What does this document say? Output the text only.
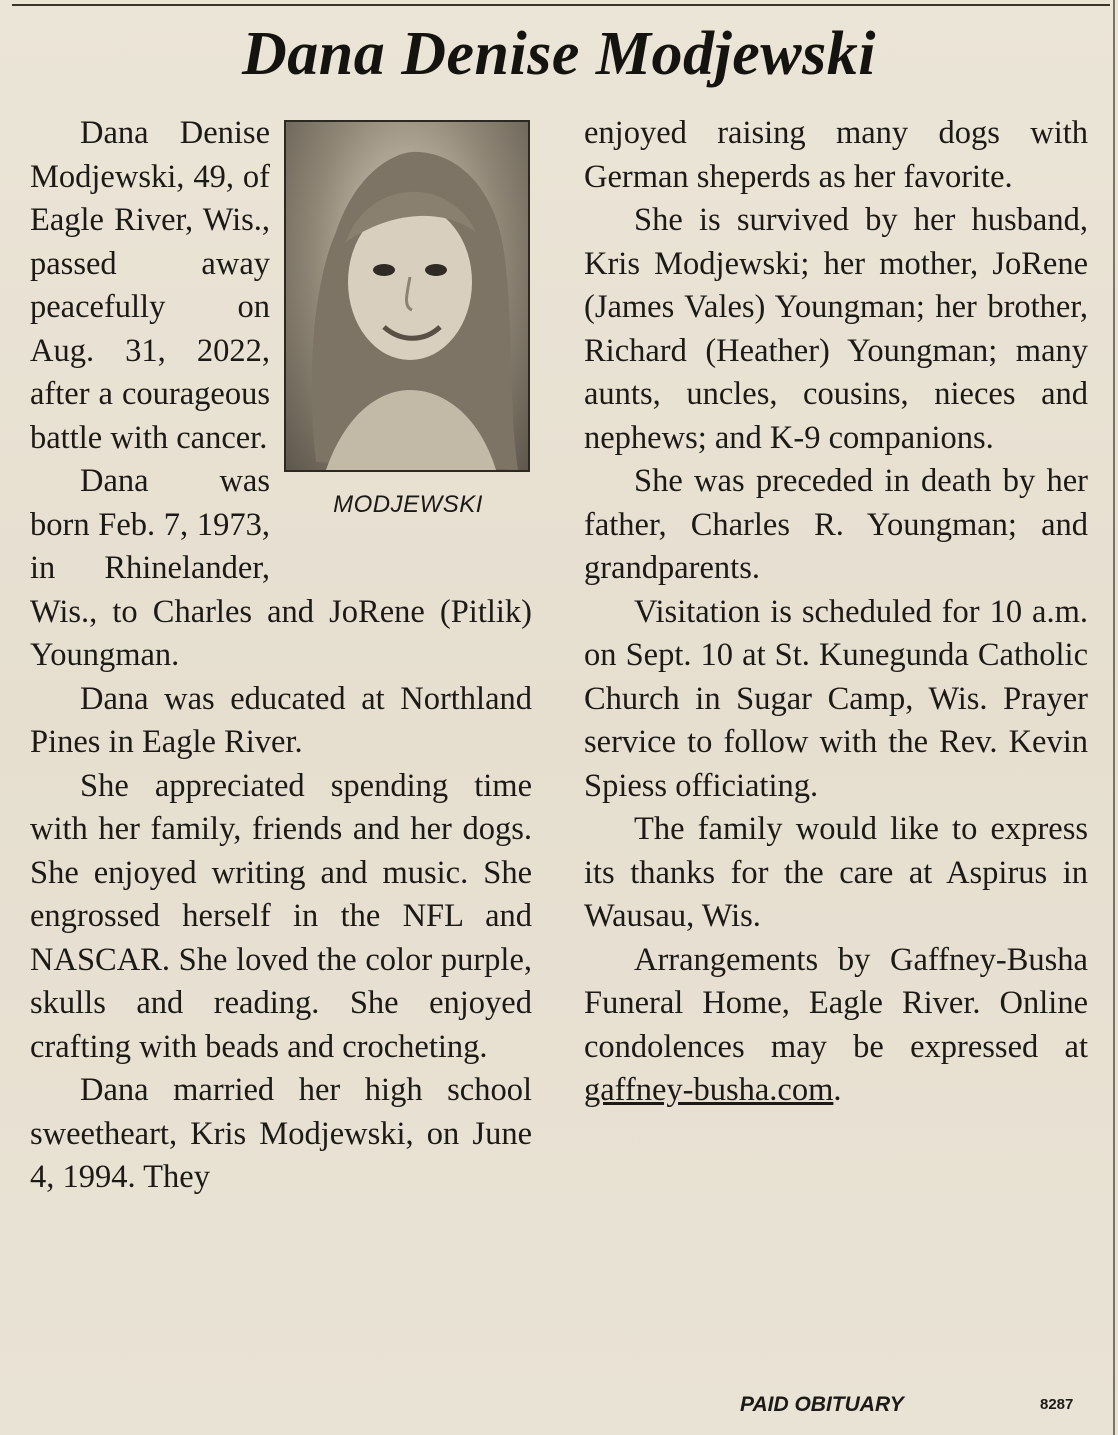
Dana Denise Modjewski
MODJEWSKI

Dana Denise Modjewski, 49, of Eagle River, Wis., passed away peacefully on Aug. 31, 2022, after a courageous battle with cancer.

Dana was born Feb. 7, 1973, in Rhinelander, Wis., to Charles and JoRene (Pitlik) Youngman.

Dana was educated at Northland Pines in Eagle River.

She appreciated spending time with her family, friends and her dogs. She enjoyed writing and music. She engrossed herself in the NFL and NASCAR. She loved the color purple, skulls and reading. She enjoyed crafting with beads and crocheting.

Dana married her high school sweetheart, Kris Modjewski, on June 4, 1994. They

enjoyed raising many dogs with German sheperds as her favorite.

She is survived by her husband, Kris Modjewski; her mother, JoRene (James Vales) Youngman; her brother, Richard (Heather) Youngman; many aunts, uncles, cousins, nieces and nephews; and K-9 companions.

She was preceded in death by her father, Charles R. Youngman; and grandparents.

Visitation is scheduled for 10 a.m. on Sept. 10 at St. Kunegunda Catholic Church in Sugar Camp, Wis. Prayer service to follow with the Rev. Kevin Spiess officiating.

The family would like to express its thanks for the care at Aspirus in Wausau, Wis.

Arrangements by Gaffney-Busha Funeral Home, Eagle River. Online condolences may be expressed at gaffney-busha.com.

PAID OBITUARY	8287
